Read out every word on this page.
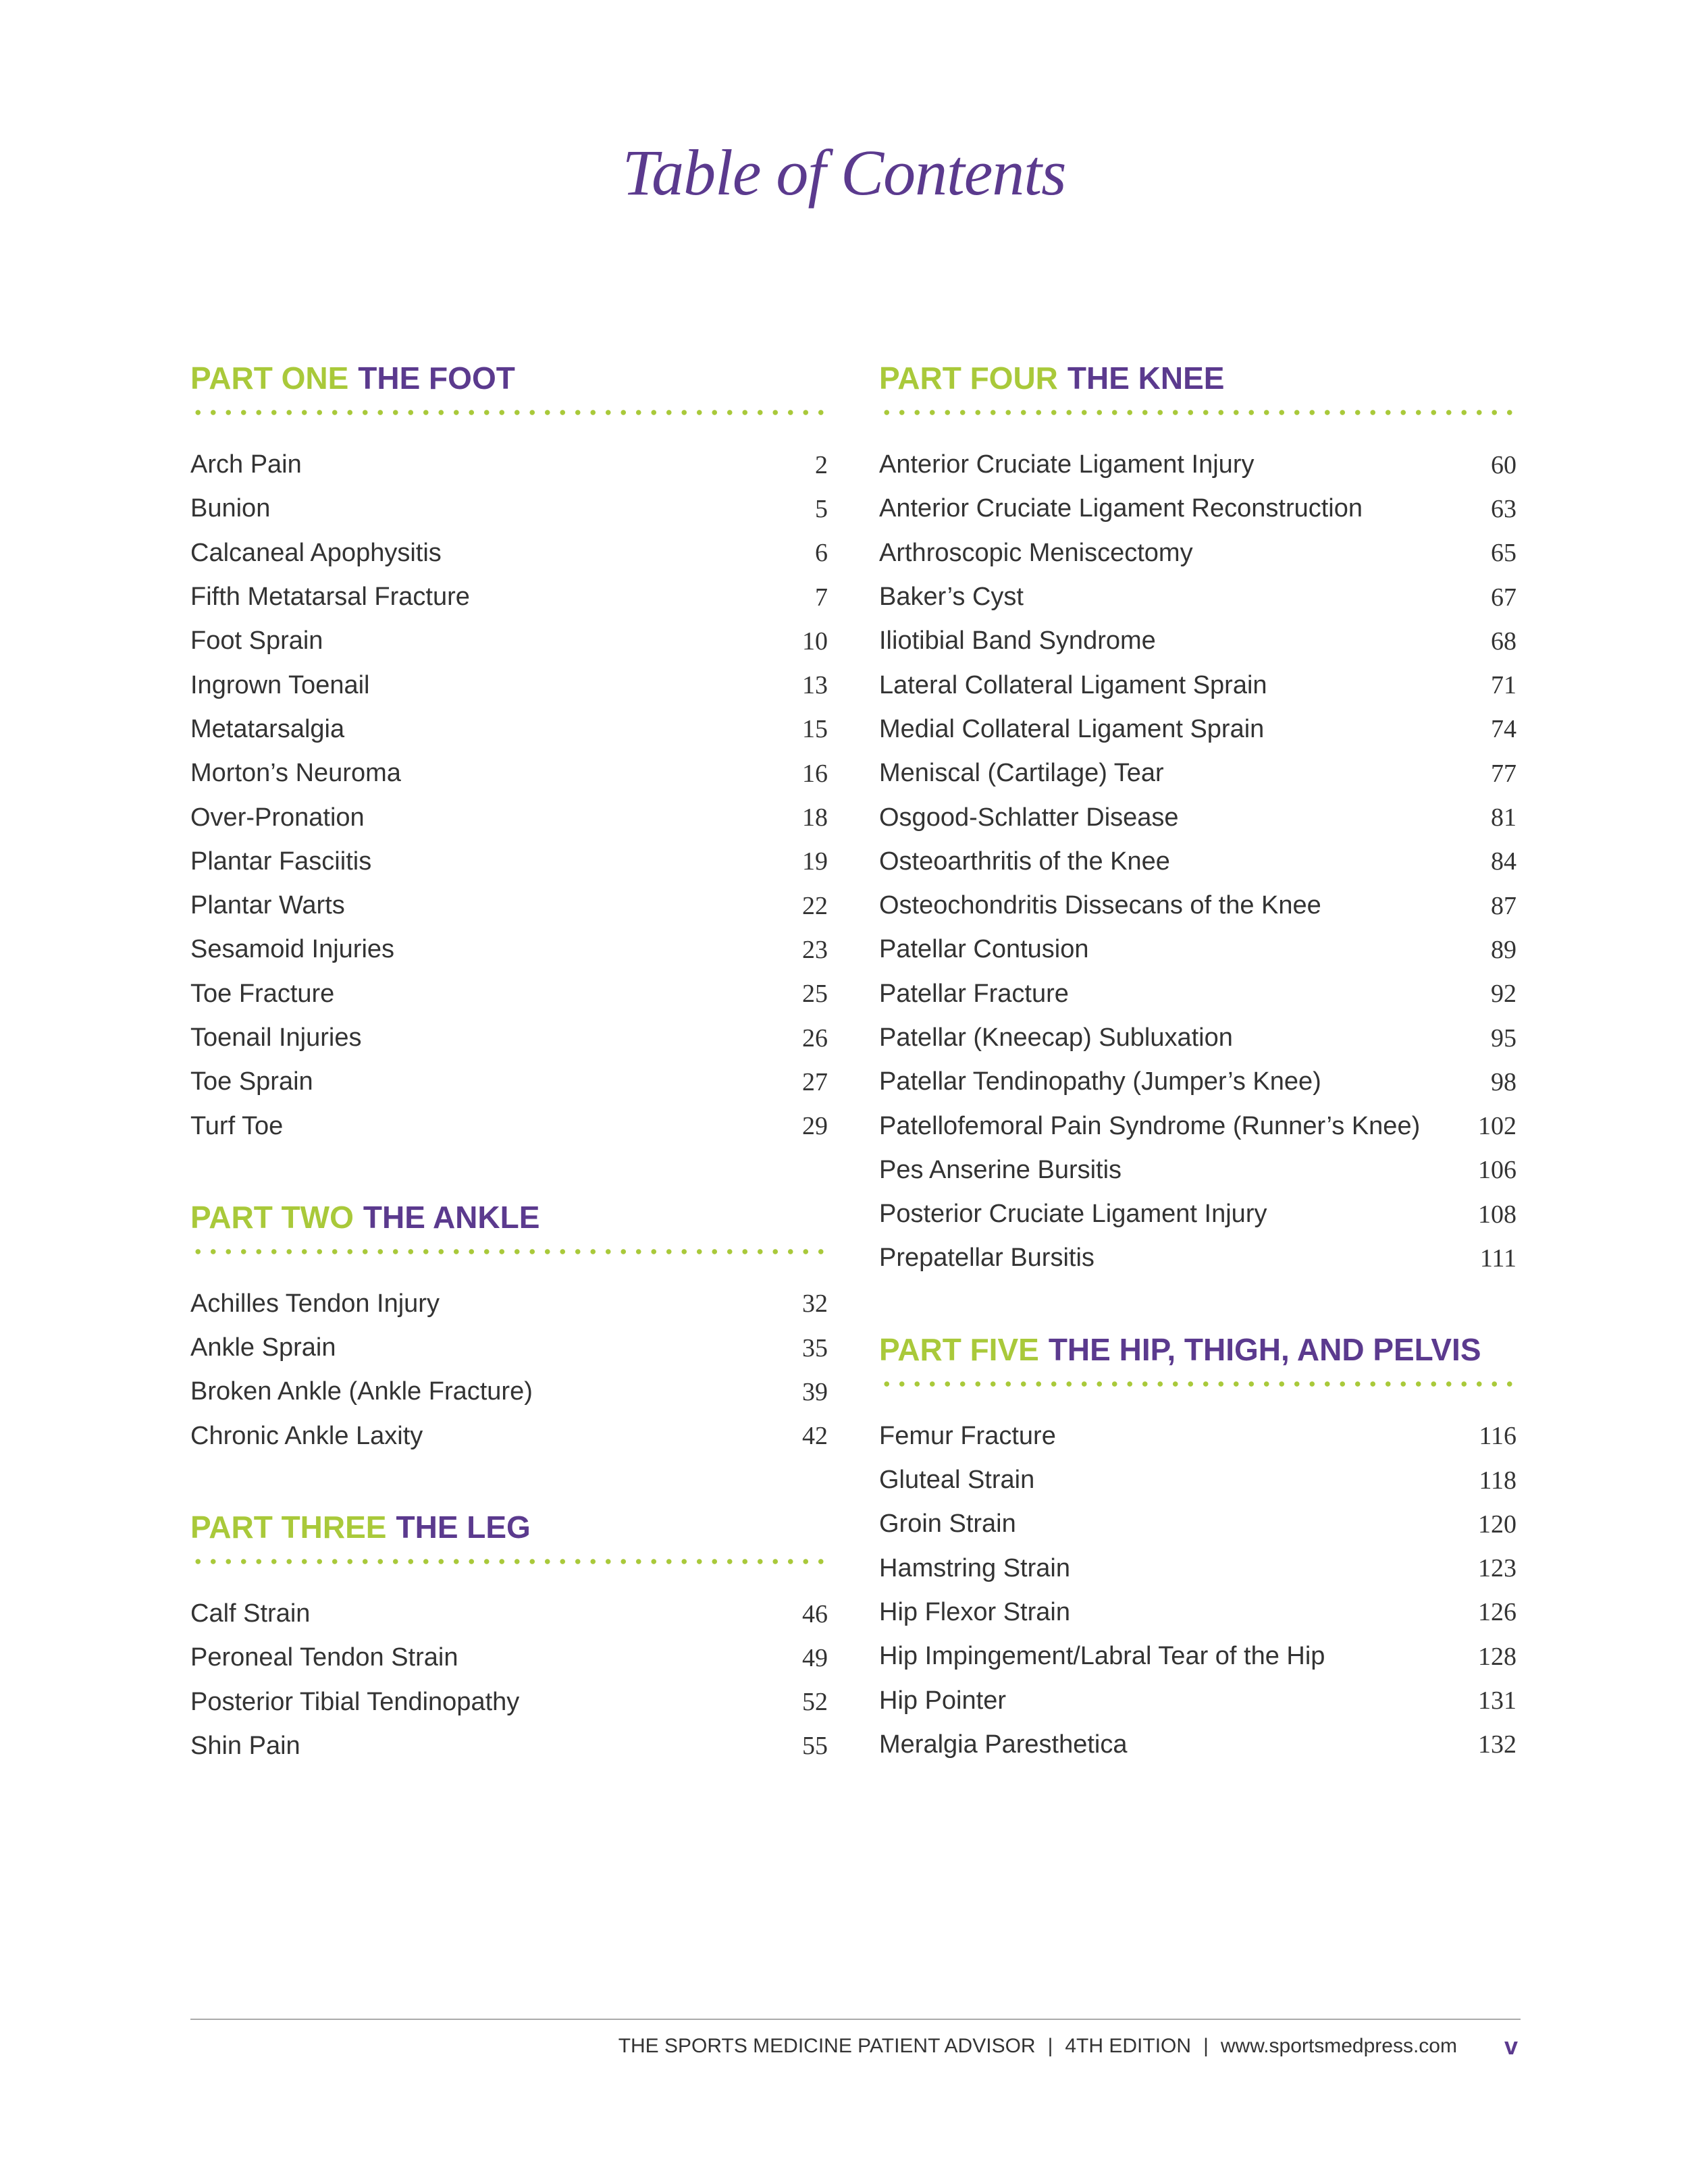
Table of Contents
PART ONE THE FOOT
Arch Pain	2
Bunion	5
Calcaneal Apophysitis	6
Fifth Metatarsal Fracture	7
Foot Sprain	10
Ingrown Toenail	13
Metatarsalgia	15
Morton’s Neuroma	16
Over-Pronation	18
Plantar Fasciitis	19
Plantar Warts	22
Sesamoid Injuries	23
Toe Fracture	25
Toenail Injuries	26
Toe Sprain	27
Turf Toe	29
PART TWO THE ANKLE
Achilles Tendon Injury	32
Ankle Sprain	35
Broken Ankle (Ankle Fracture)	39
Chronic Ankle Laxity	42
PART THREE THE LEG
Calf Strain	46
Peroneal Tendon Strain	49
Posterior Tibial Tendinopathy	52
Shin Pain	55
PART FOUR THE KNEE
Anterior Cruciate Ligament Injury	60
Anterior Cruciate Ligament Reconstruction	63
Arthroscopic Meniscectomy	65
Baker’s Cyst	67
Iliotibial Band Syndrome	68
Lateral Collateral Ligament Sprain	71
Medial Collateral Ligament Sprain	74
Meniscal (Cartilage) Tear	77
Osgood-Schlatter Disease	81
Osteoarthritis of the Knee	84
Osteochondritis Dissecans of the Knee	87
Patellar Contusion	89
Patellar Fracture	92
Patellar (Kneecap) Subluxation	95
Patellar Tendinopathy (Jumper’s Knee)	98
Patellofemoral Pain Syndrome (Runner’s Knee) 102
Pes Anserine Bursitis	106
Posterior Cruciate Ligament Injury	108
Prepatellar Bursitis	111
PART FIVE THE HIP, THIGH, AND PELVIS
Femur Fracture	116
Gluteal Strain	118
Groin Strain	120
Hamstring Strain	123
Hip Flexor Strain	126
Hip Impingement/Labral Tear of the Hip	128
Hip Pointer	131
Meralgia Paresthetica	132
THE SPORTS MEDICINE PATIENT ADVISOR | 4TH EDITION | www.sportsmedpress.com v
